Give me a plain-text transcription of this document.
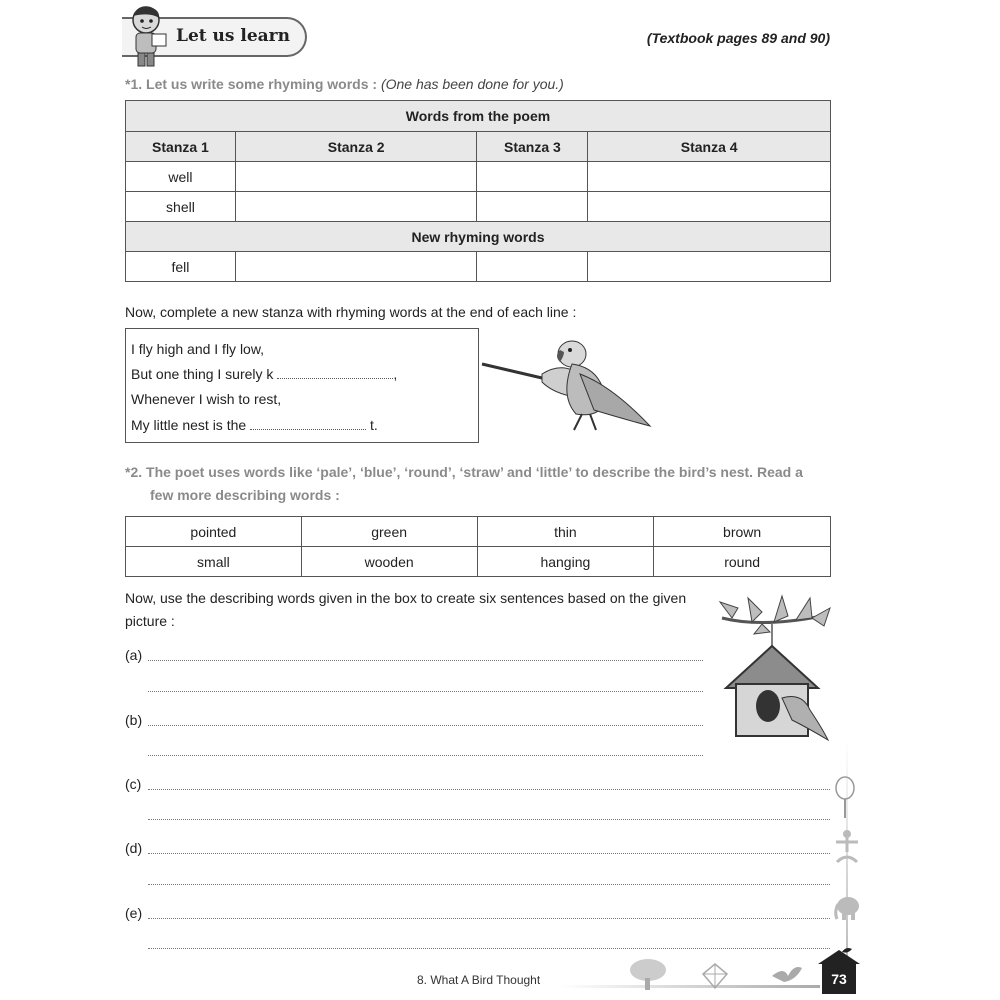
Let us learn	(Textbook pages 89 and 90)
*1. Let us write some rhyming words : (One has been done for you.)
Words from the poem			
Stanza 1	Stanza 2	Stanza 3	Stanza 4
well			
shell			
New rhyming words			
fell			
Now, complete a new stanza with rhyming words at the end of each line :
I fly high and I fly low,
But one thing I surely k	,
Whenever I wish to rest,
My little nest is the	t.
*2. The poet uses words like ‘pale’, ‘blue’, ‘round’, ‘straw’ and ‘little’ to describe the bird’s nest. Read a
few more describing words :
pointed	green	thin	brown
small	wooden	hanging	round
Now, use the describing words given in the box to create six sentences based on the given
picture :
(a)
(b)
(c)
(d)
(e)
8. What A Bird Thought	73
